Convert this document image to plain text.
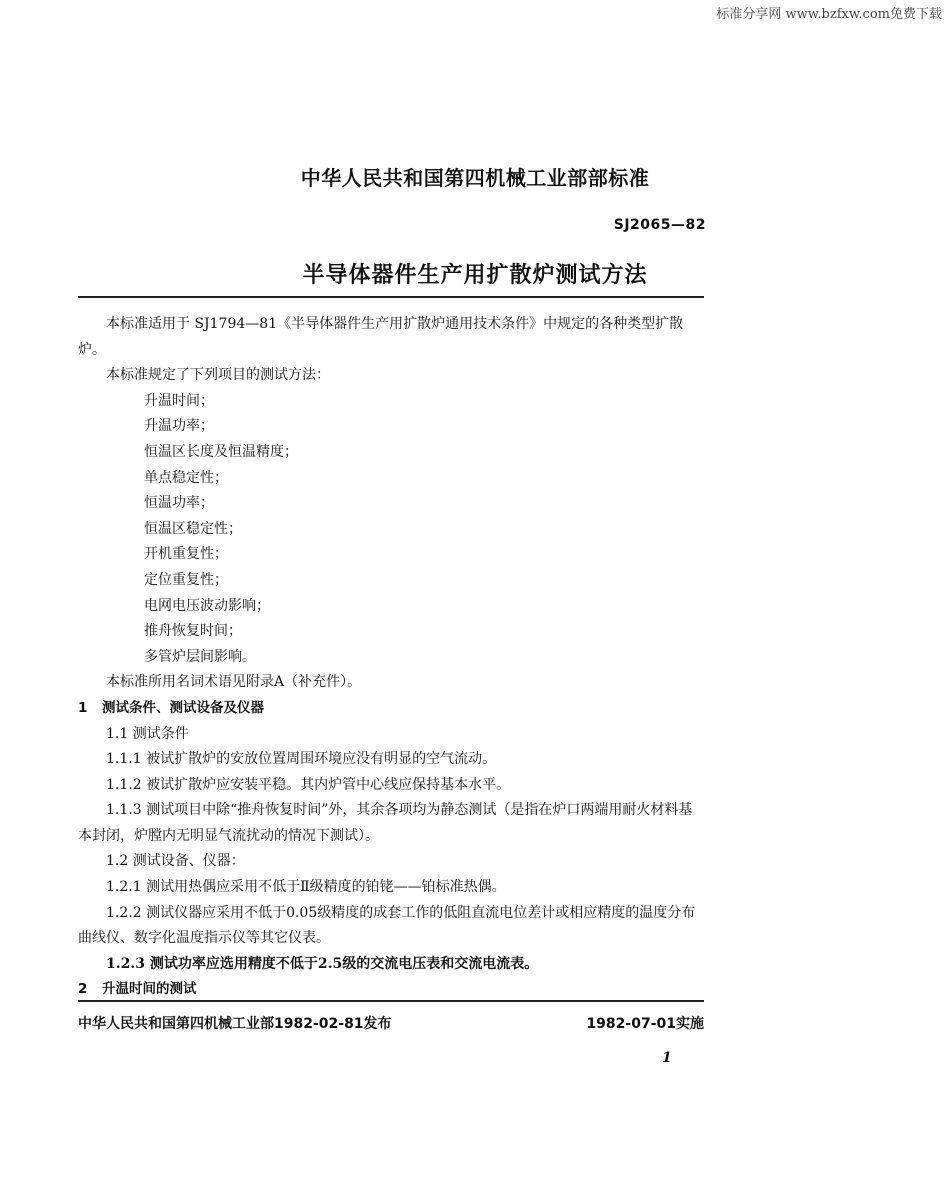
标准分享网 www.bzfxw.com免费下载
中华人民共和国第四机械工业部部标准
SJ2065—82
半导体器件生产用扩散炉测试方法

本标准适用于 SJ1794—81《半导体器件生产用扩散炉通用技术条件》中规定的各种类型扩散炉。

本标准规定了下列项目的测试方法：

升温时间；

升温功率；

恒温区长度及恒温精度；

单点稳定性；

恒温功率；

恒温区稳定性；

开机重复性；

定位重复性；

电网电压波动影响；

推舟恢复时间；

多管炉层间影响。

本标准所用名词术语见附录A（补充件）。

1 测试条件、测试设备及仪器

1.1 测试条件

1.1.1 被试扩散炉的安放位置周围环境应没有明显的空气流动。

1.1.2 被试扩散炉应安装平稳。其内炉管中心线应保持基本水平。

1.1.3 测试项目中除“推舟恢复时间”外，其余各项均为静态测试（是指在炉口两端用耐火材料基本封闭，炉膛内无明显气流扰动的情况下测试）。

1.2 测试设备、仪器：

1.2.1 测试用热偶应采用不低于Ⅱ级精度的铂铑——铂标准热偶。

1.2.2 测试仪器应采用不低于0.05级精度的成套工作的低阻直流电位差计或相应精度的温度分布曲线仪、数字化温度指示仪等其它仪表。

1.2.3 测试功率应选用精度不低于2.5级的交流电压表和交流电流表。

2 升温时间的测试

中华人民共和国第四机械工业部1982-02-81发布	1982-07-01实施
1
